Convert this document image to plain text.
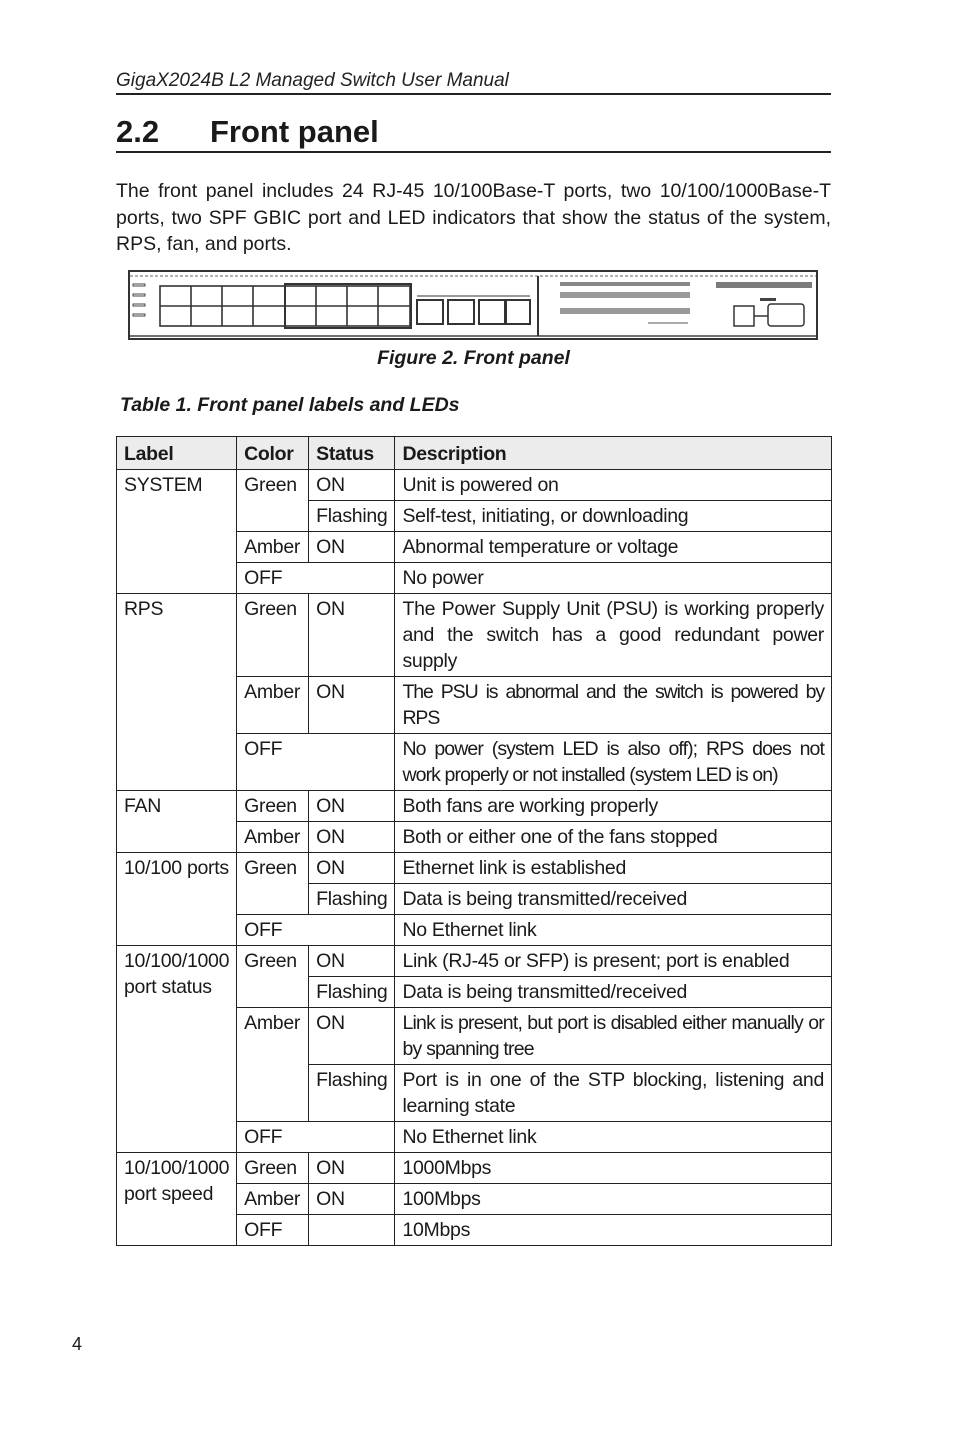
GigaX2024B L2 Managed Switch User Manual
2.2 Front panel
The front panel includes 24 RJ-45 10/100Base-T ports, two 10/100/1000Base-T ports, two SPF GBIC port and LED indicators that show the status of the system, RPS, fan, and ports.
Figure 2. Front panel
Table 1. Front panel labels and LEDs
Label	Color	Status	Description
SYSTEM	Green	ON	Unit is powered on
		Flashing	Self-test, initiating, or downloading
	Amber	ON	Abnormal temperature or voltage
	OFF		No power
RPS	Green	ON	The Power Supply Unit (PSU) is working properly and the switch has a good redundant power supply
	Amber	ON	The PSU is abnormal and the switch is powered by RPS
	OFF		No power (system LED is also off); RPS does not work properly or not installed (system LED is on)
FAN	Green	ON	Both fans are working properly
	Amber	ON	Both or either one of the fans stopped
10/100 ports	Green	ON	Ethernet link is established
		Flashing	Data is being transmitted/received
	OFF		No Ethernet link
10/100/1000 port status	Green	ON	Link (RJ-45 or SFP) is present; port is enabled
		Flashing	Data is being transmitted/received
	Amber	ON	Link is present, but port is disabled either manually or by spanning tree
		Flashing	Port is in one of the STP blocking, listening and learning state
	OFF		No Ethernet link
10/100/1000 port speed	Green	ON	1000Mbps
	Amber	ON	100Mbps
	OFF		10Mbps
4
